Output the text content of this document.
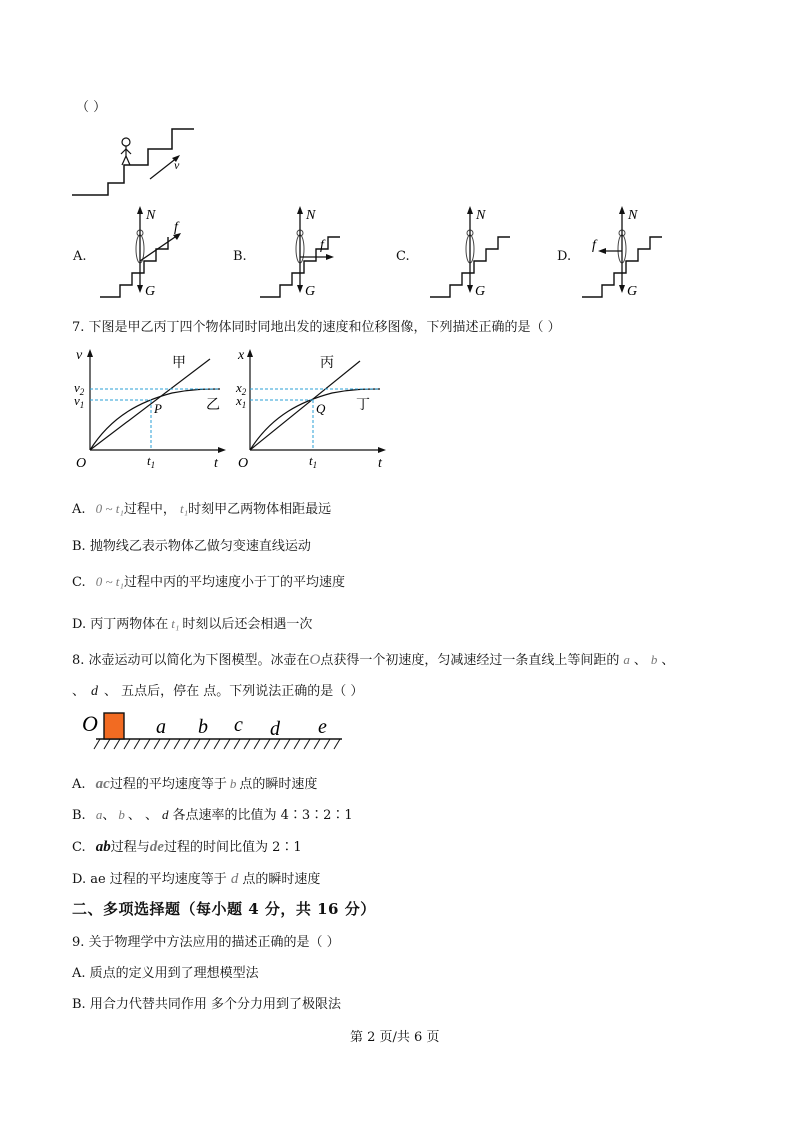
（ ）
v
A.	B.	C.	D.
N
f
G
N
f
G
N
G
N
f
G
7. 下图是甲乙丙丁四个物体同时同地出发的速度和位移图像，下列描述正确的是（ ）
v
t
O
$v_2$
$v_1$	P
$t_1$
甲
乙
x
t
O
$x_2$
$x_1$	Q
$t_1$
丙
丁
A. 0 ~ t₁过程中， t₁时刻甲乙两物体相距最远
B. 抛物线乙表示物体乙做匀变速直线运动
C. 0 ~ t₁过程中丙的平均速度小于丁的平均速度
D. 丙丁两物体在 t₁ 时刻以后还会相遇一次
8. 冰壶运动可以简化为下图模型。冰壶在O点获得一个初速度，匀减速经过一条直线上等间距的 a 、 b 、
、 d 、 五点后，停在 点。下列说法正确的是（ ）
O	a b c d e
A. ac过程的平均速度等于 b 点的瞬时速度
B. a、 b 、 、 d 各点速率的比值为 4∶3∶2∶1
C. ab过程与de过程的时间比值为 2∶1
D. ae 过程的平均速度等于 d 点的瞬时速度
二、多项选择题（每小题 4 分，共 16 分）
9. 关于物理学中方法应用的描述正确的是（ ）
A. 质点的定义用到了理想模型法
B. 用合力代替共同作用 多个分力用到了极限法
第 2 页/共 6 页
